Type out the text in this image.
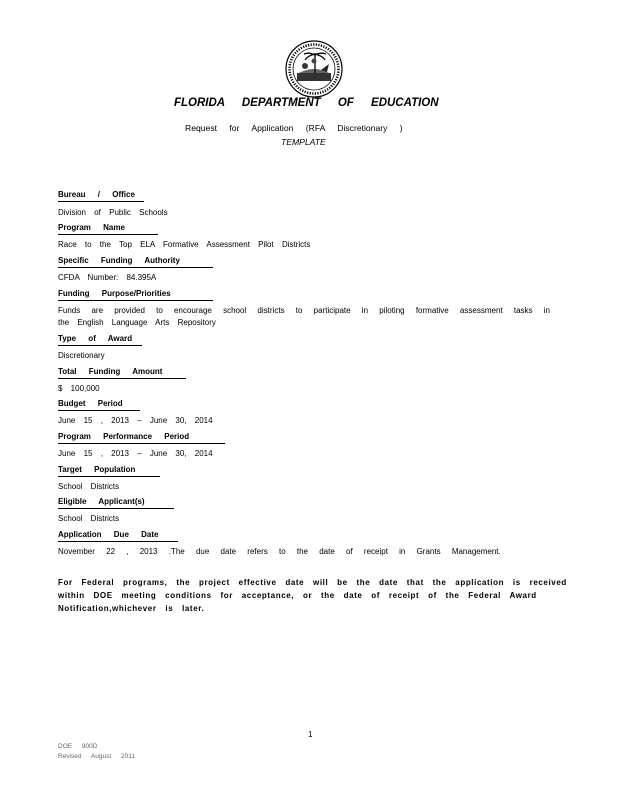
FLORIDA DEPARTMENT OF EDUCATION
Request for Application (RFA Discretionary )
TEMPLATE
Bureau / Office
Division of Public Schools
Program Name
Race to the Top ELA Formative Assessment Pilot Districts
Specific Funding Authority
CFDA Number: 84.395A
Funding Purpose/Priorities
Funds are provided to encourage school districts to participate in piloting formative assessment tasks in
the English Language Arts Repository
Type of Award
Discretionary
Total Funding Amount
$ 100,000
Budget Period
June 15 , 2013 – June 30, 2014
Program Performance Period
June 15 , 2013 – June 30, 2014
Target Population
School Districts
Eligible Applicant(s)
School Districts
Application Due Date
November 22 , 2013 .The due date refers to the date of receipt in Grants Management.
For Federal programs, the project effective date will be the date that the application is received
within DOE meeting conditions for acceptance, or the date of receipt of the Federal Award
Notification,whichever is later.
1
DOE 900D
Revised August 2011
